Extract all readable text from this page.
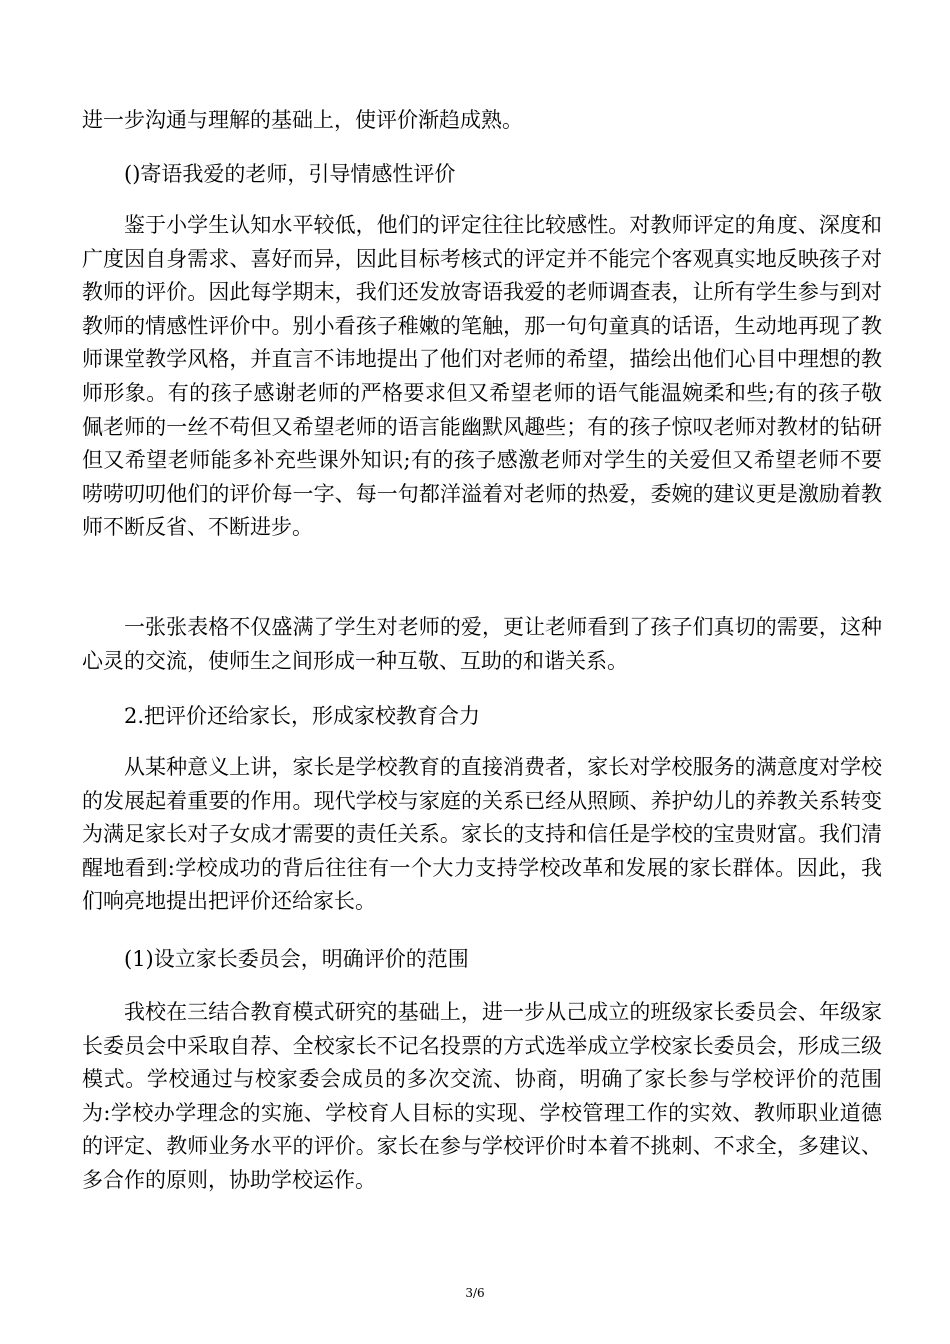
进一步沟通与理解的基础上，使评价渐趋成熟。

()寄语我爱的老师，引导情感性评价

鉴于小学生认知水平较低，他们的评定往往比较感性。对教师评定的角度、深度和广度因自身需求、喜好而异，因此目标考核式的评定并不能完个客观真实地反映孩子对教师的评价。因此每学期末，我们还发放寄语我爱的老师调查表，让所有学生参与到对教师的情感性评价中。别小看孩子稚嫩的笔触，那一句句童真的话语，生动地再现了教师课堂教学风格，并直言不讳地提出了他们对老师的希望，描绘出他们心目中理想的教师形象。有的孩子感谢老师的严格要求但又希望老师的语气能温婉柔和些;有的孩子敬佩老师的一丝不苟但又希望老师的语言能幽默风趣些；有的孩子惊叹老师对教材的钻研但又希望老师能多补充些课外知识;有的孩子感激老师对学生的关爱但又希望老师不要唠唠叨叨他们的评价每一字、每一句都洋溢着对老师的热爱，委婉的建议更是激励着教师不断反省、不断进步。

一张张表格不仅盛满了学生对老师的爱，更让老师看到了孩子们真切的需要，这种心灵的交流，使师生之间形成一种互敬、互助的和谐关系。

2.把评价还给家长，形成家校教育合力

从某种意义上讲，家长是学校教育的直接消费者，家长对学校服务的满意度对学校的发展起着重要的作用。现代学校与家庭的关系已经从照顾、养护幼儿的养教关系转变为满足家长对子女成才需要的责任关系。家长的支持和信任是学校的宝贵财富。我们清醒地看到:学校成功的背后往往有一个大力支持学校改革和发展的家长群体。因此，我们响亮地提出把评价还给家长。

(1)设立家长委员会，明确评价的范围

我校在三结合教育模式研究的基础上，进一步从己成立的班级家长委员会、年级家长委员会中采取自荐、全校家长不记名投票的方式选举成立学校家长委员会，形成三级模式。学校通过与校家委会成员的多次交流、协商，明确了家长参与学校评价的范围为:学校办学理念的实施、学校育人目标的实现、学校管理工作的实效、教师职业道德的评定、教师业务水平的评价。家长在参与学校评价时本着不挑刺、不求全，多建议、多合作的原则，协助学校运作。

3/6
